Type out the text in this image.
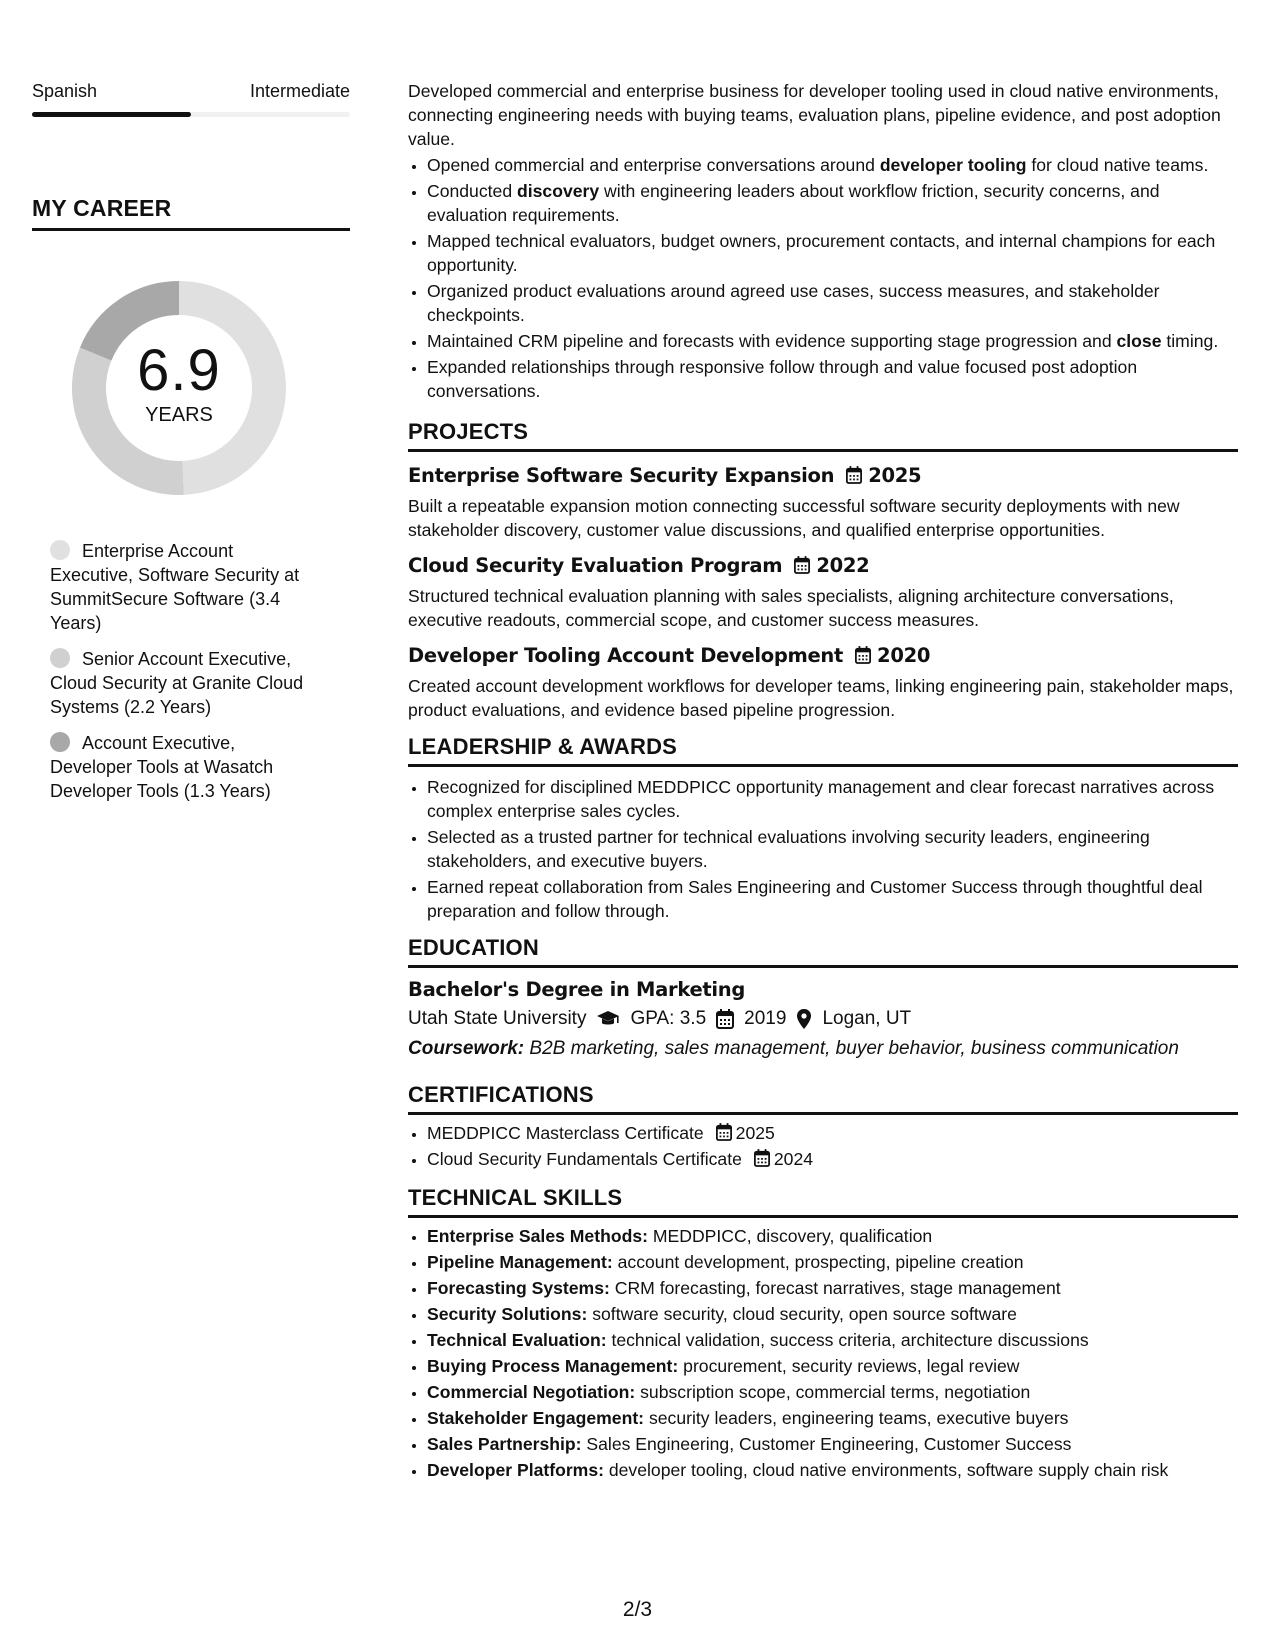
Spanish	Intermediate
MY CAREER
6.9
YEARS
Enterprise Account Executive, Software Security at SummitSecure Software (3.4 Years)
Senior Account Executive, Cloud Security at Granite Cloud Systems (2.2 Years)
Account Executive, Developer Tools at Wasatch Developer Tools (1.3 Years)

Developed commercial and enterprise business for developer tooling used in cloud native environments, connecting engineering needs with buying teams, evaluation plans, pipeline evidence, and post adoption value.

• Opened commercial and enterprise conversations around developer tooling for cloud native teams.
• Conducted discovery with engineering leaders about workflow friction, security concerns, and evaluation requirements.
• Mapped technical evaluators, budget owners, procurement contacts, and internal champions for each opportunity.
• Organized product evaluations around agreed use cases, success measures, and stakeholder checkpoints.
• Maintained CRM pipeline and forecasts with evidence supporting stage progression and close timing.
• Expanded relationships through responsive follow through and value focused post adoption conversations.
PROJECTS
Enterprise Software Security Expansion 2025
Built a repeatable expansion motion connecting successful software security deployments with new stakeholder discovery, customer value discussions, and qualified enterprise opportunities.
Cloud Security Evaluation Program 2022
Structured technical evaluation planning with sales specialists, aligning architecture conversations, executive readouts, commercial scope, and customer success measures.
Developer Tooling Account Development 2020
Created account development workflows for developer teams, linking engineering pain, stakeholder maps, product evaluations, and evidence based pipeline progression.
LEADERSHIP & AWARDS
• Recognized for disciplined MEDDPICC opportunity management and clear forecast narratives across complex enterprise sales cycles.
• Selected as a trusted partner for technical evaluations involving security leaders, engineering stakeholders, and executive buyers.
• Earned repeat collaboration from Sales Engineering and Customer Success through thoughtful deal preparation and follow through.
EDUCATION
Bachelor's Degree in Marketing
Utah State University GPA: 3.5 2019 Logan, UT
Coursework: B2B marketing, sales management, buyer behavior, business communication
CERTIFICATIONS
• MEDDPICC Masterclass Certificate 2025
• Cloud Security Fundamentals Certificate 2024
TECHNICAL SKILLS
• Enterprise Sales Methods: MEDDPICC, discovery, qualification
• Pipeline Management: account development, prospecting, pipeline creation
• Forecasting Systems: CRM forecasting, forecast narratives, stage management
• Security Solutions: software security, cloud security, open source software
• Technical Evaluation: technical validation, success criteria, architecture discussions
• Buying Process Management: procurement, security reviews, legal review
• Commercial Negotiation: subscription scope, commercial terms, negotiation
• Stakeholder Engagement: security leaders, engineering teams, executive buyers
• Sales Partnership: Sales Engineering, Customer Engineering, Customer Success
• Developer Platforms: developer tooling, cloud native environments, software supply chain risk
2/3
